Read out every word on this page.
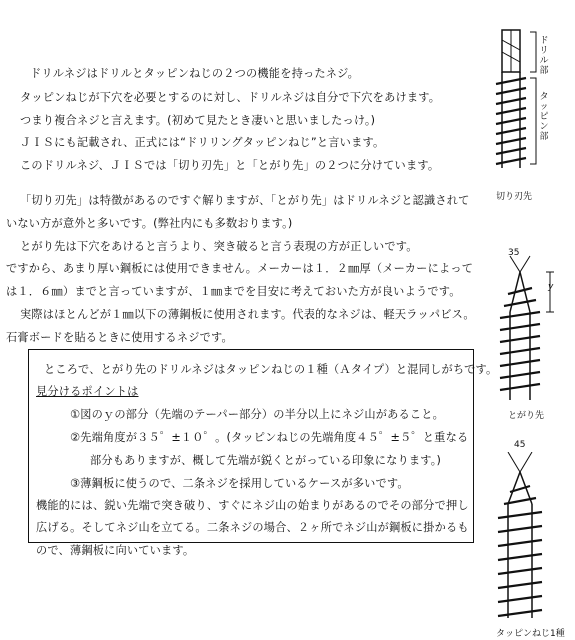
ドリルネジはドリルとタッピンねじの２つの機能を持ったネジ。
タッピンねじが下穴を必要とするのに対し、ドリルネジは自分で下穴をあけます。
つまり複合ネジと言えます。(初めて見たとき凄いと思いましたっけ。)
ＪＩＳにも記載され、正式には“ドリリングタッピンねじ”と言います。
このドリルネジ、ＪＩＳでは「切り刃先」と「とがり先」の２つに分けています。
「切り刃先」は特徴があるのですぐ解りますが、「とがり先」はドリルネジと認識されて
いない方が意外と多いです。(弊社内にも多数おります。)
とがり先は下穴をあけると言うより、突き破ると言う表現の方が正しいです。
ですから、あまり厚い鋼板には使用できません。メーカーは１．２㎜厚（メーカーによって
は１．６㎜）までと言っていますが、１㎜までを目安に考えておいた方が良いようです。
実際はほとんどが１㎜以下の薄鋼板に使用されます。代表的なネジは、軽天ラッパビス。
石膏ボードを貼るときに使用するネジです。
ところで、とがり先のドリルネジはタッピンねじの１種（Ａタイプ）と混同しがちです。
見分けるポイントは
①図のｙの部分（先端のテーパー部分）の半分以上にネジ山があること。
②先端角度が３５゜±１０゜。(タッピンねじの先端角度４５゜±５゜と重なる
部分もありますが、概して先端が鋭くとがっている印象になります。)
③薄鋼板に使うので、二条ネジを採用しているケースが多いです。
機能的には、鋭い先端で突き破り、すぐにネジ山の始まりがあるのでその部分で押し
広げる。そしてネジ山を立てる。二条ネジの場合、２ヶ所でネジ山が鋼板に掛かるも
ので、薄鋼板に向いています。
ドリル部
タッピン部
切り刃先
35
y
とがり先
45
タッピンねじ1種
